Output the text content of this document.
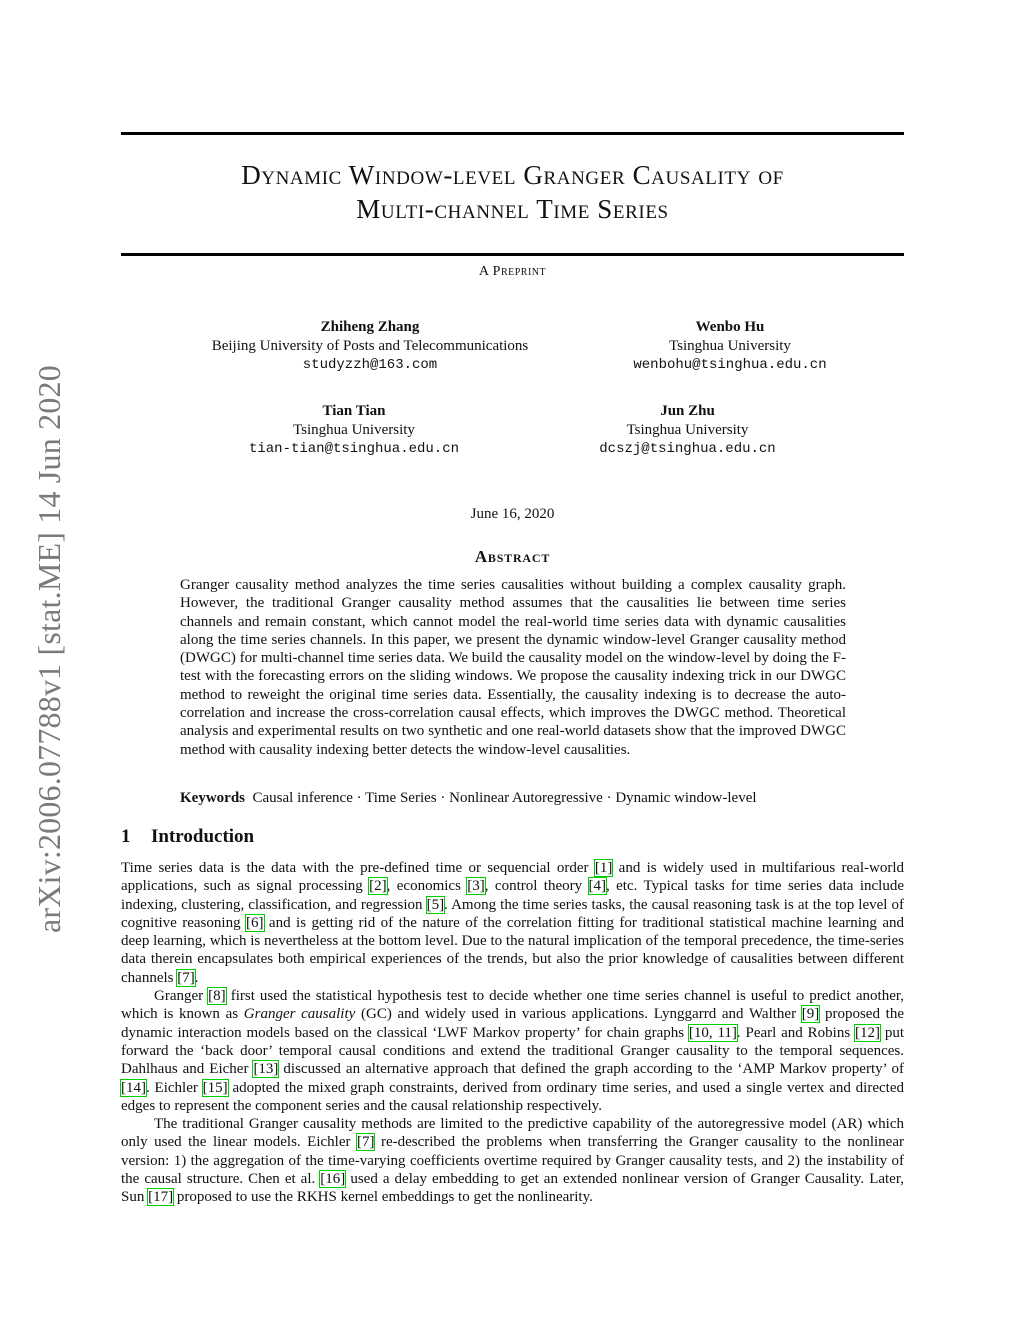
arXiv:2006.07788v1 [stat.ME] 14 Jun 2020
Dynamic Window-level Granger Causality of
Multi-channel Time Series
A Preprint
Zhiheng Zhang
Beijing University of Posts and Telecommunications
studyzzh@163.com
Wenbo Hu
Tsinghua University
wenbohu@tsinghua.edu.cn
Tian Tian
Tsinghua University
tian-tian@tsinghua.edu.cn
Jun Zhu
Tsinghua University
dcszj@tsinghua.edu.cn
June 16, 2020
Abstract

Granger causality method analyzes the time series causalities without building a complex causality graph. However, the traditional Granger causality method assumes that the causalities lie between time series channels and remain constant, which cannot model the real-world time series data with dynamic causalities along the time series channels. In this paper, we present the dynamic window-level Granger causality method (DWGC) for multi-channel time series data. We build the causality model on the window-level by doing the F-test with the forecasting errors on the sliding windows. We propose the causality indexing trick in our DWGC method to reweight the original time series data. Essentially, the causality indexing is to decrease the auto-correlation and increase the cross-correlation causal effects, which improves the DWGC method. Theoretical analysis and experimental results on two synthetic and one real-world datasets show that the improved DWGC method with causality indexing better detects the window-level causalities.

Keywords Causal inference · Time Series · Nonlinear Autoregressive · Dynamic window-level
1 Introduction

Time series data is the data with the pre-defined time or sequencial order [1] and is widely used in multifarious real-world applications, such as signal processing [2], economics [3], control theory [4], etc. Typical tasks for time series data include indexing, clustering, classification, and regression [5]. Among the time series tasks, the causal reasoning task is at the top level of cognitive reasoning [6] and is getting rid of the nature of the correlation fitting for traditional statistical machine learning and deep learning, which is nevertheless at the bottom level. Due to the natural implication of the temporal precedence, the time-series data therein encapsulates both empirical experiences of the trends, but also the prior knowledge of causalities between different channels [7].

Granger [8] first used the statistical hypothesis test to decide whether one time series channel is useful to predict another, which is known as Granger causality (GC) and widely used in various applications. Lynggarrd and Walther [9] proposed the dynamic interaction models based on the classical ‘LWF Markov property’ for chain graphs [10, 11]. Pearl and Robins [12] put forward the ‘back door’ temporal causal conditions and extend the traditional Granger causality to the temporal sequences. Dahlhaus and Eicher [13] discussed an alternative approach that defined the graph according to the ‘AMP Markov property’ of [14]. Eichler [15] adopted the mixed graph constraints, derived from ordinary time series, and used a single vertex and directed edges to represent the component series and the causal relationship respectively.

The traditional Granger causality methods are limited to the predictive capability of the autoregressive model (AR) which only used the linear models. Eichler [7] re-described the problems when transferring the Granger causality to the nonlinear version: 1) the aggregation of the time-varying coefficients overtime required by Granger causality tests, and 2) the instability of the causal structure. Chen et al. [16] used a delay embedding to get an extended nonlinear version of Granger Causality. Later, Sun [17] proposed to use the RKHS kernel embeddings to get the nonlinearity.
